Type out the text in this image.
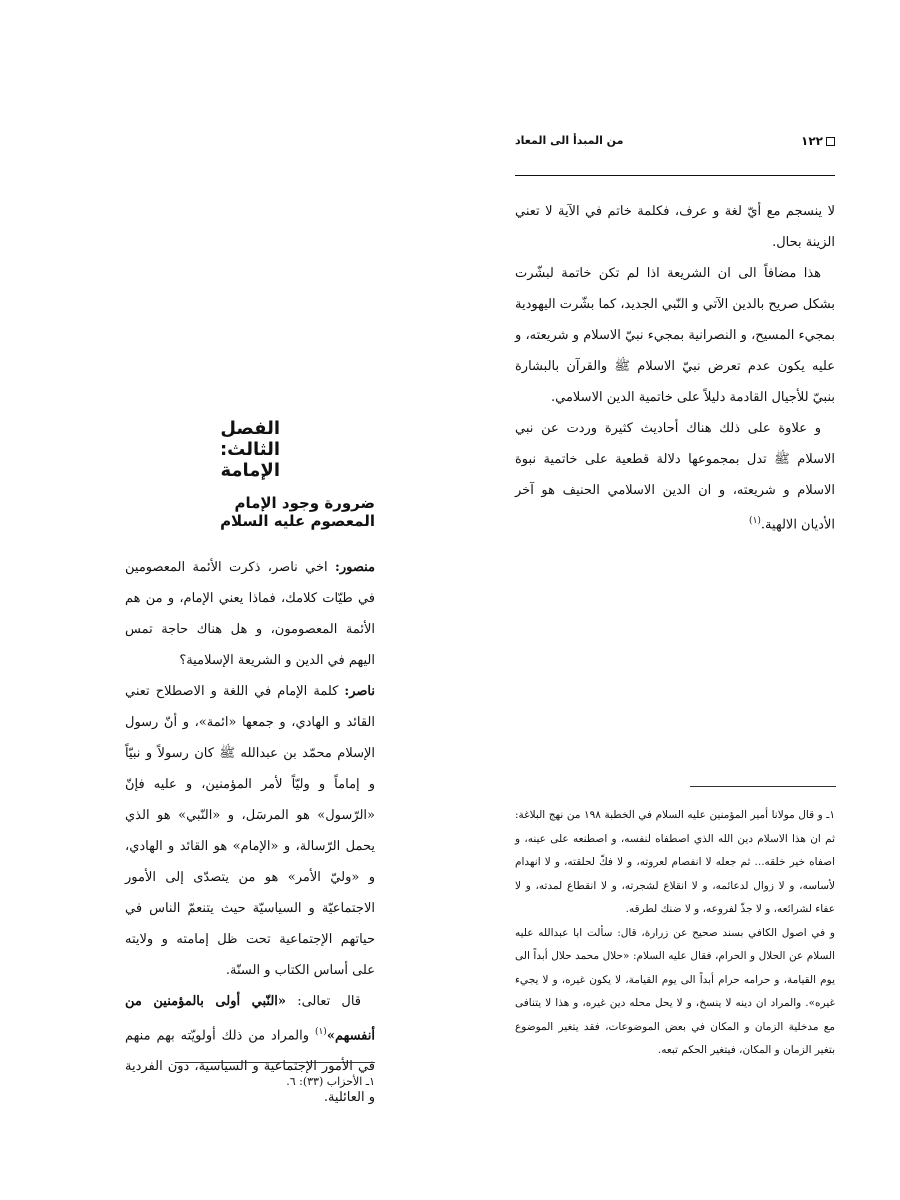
١٢٢
من المبدأ الى المعاد

لا ينسجم مع أيّ لغة و عرف، فكلمة خاتم في الآية لا تعني الزينة بحال.

هذا مضافاً الى ان الشريعة اذا لم تكن خاتمة لبشّرت بشكل صريح بالدين الآتي و النّبي الجديد، كما بشّرت اليهودية بمجيء المسيح، و النصرانية بمجيء نبيّ الاسلام و شريعته، و عليه يكون عدم تعرض نبيّ الاسلام ﷺ والقرآن بالبشارة بنبيّ للأجيال القادمة دليلاً على خاتمية الدين الاسلامي.

و علاوة على ذلك هناك أحاديث كثيرة وردت عن نبي الاسلام ﷺ تدل بمجموعها دلالة قطعية على خاتمية نبوة الاسلام و شريعته، و ان الدين الاسلامي الحنيف هو آخر الأديان الالهية.$^{(١)}$

١ـ و قال مولانا أمير المؤمنين عليه السلام في الخطبة ١٩٨ من نهج البلاغة: ثم ان هذا الاسلام دين الله الذي اصطفاه لنفسه، و اصطنعه على عينه، و اصفاه خير خلقه... ثم جعله لا انفصام لعروته، و لا فكّ لحلقته، و لا انهدام لأساسه، و لا زوال لدعائمه، و لا انقلاع لشجرته، و لا انقطاع لمدته، و لا عفاء لشرائعه، و لا جذّ لفروعه، و لا ضنك لطرقه.

و في اصول الكافي بسند صحيح عن زرارة، قال: سألت ابا عبدالله عليه السلام عن الحلال و الحرام، فقال عليه السلام: «حلال محمد حلال أبداً الى يوم القيامة، و حرامه حرام أبداً الى يوم القيامة، لا يكون غيره، و لا يجيء غيره». والمراد ان دينه لا ينسخ، و لا يحل محله دين غيره، و هذا لا يتنافى مع مدخلية الزمان و المكان في بعض الموضوعات، فقد يتغير الموضوع بتغير الزمان و المكان، فيتغير الحكم تبعه.

الفصل الثالث: الإمامة
ضرورة وجود الإمام المعصوم عليه السلام

منصور: اخي ناصر، ذكرت الأئمة المعصومين في طيّات كلامك، فماذا يعني الإمام، و من هم الأئمة المعصومون، و هل هناك حاجة تمس اليهم في الدين و الشريعة الإسلامية؟

ناصر: كلمة الإمام في اللغة و الاصطلاح تعني القائد و الهادي، و جمعها «ائمة»، و أنّ رسول الإسلام محمّد بن عبدالله ﷺ كان رسولاً و نبيّاً و إماماً و وليّاً لأمر المؤمنين، و عليه فإنّ «الرّسول» هو المرسَل، و «النّبي» هو الذي يحمل الرّسالة، و «الإمام» هو القائد و الهادي، و «وليّ الأمر» هو من يتصدّى إلى الأمور الاجتماعيّة و السياسيّة حيث يتنعمّ الناس في حياتهم الإجتماعية تحت ظل إمامته و ولايته على أساس الكتاب و السنّة.

قال تعالى: «النّبي أولى بالمؤمنين من أنفسهم»$^{(١)}$ والمراد من ذلك أولويّته بهم منهم في الأمور الإجتماعية و السياسية، دون الفردية و العائلية.

١ـ الأحزاب (٣٣): ٦.
